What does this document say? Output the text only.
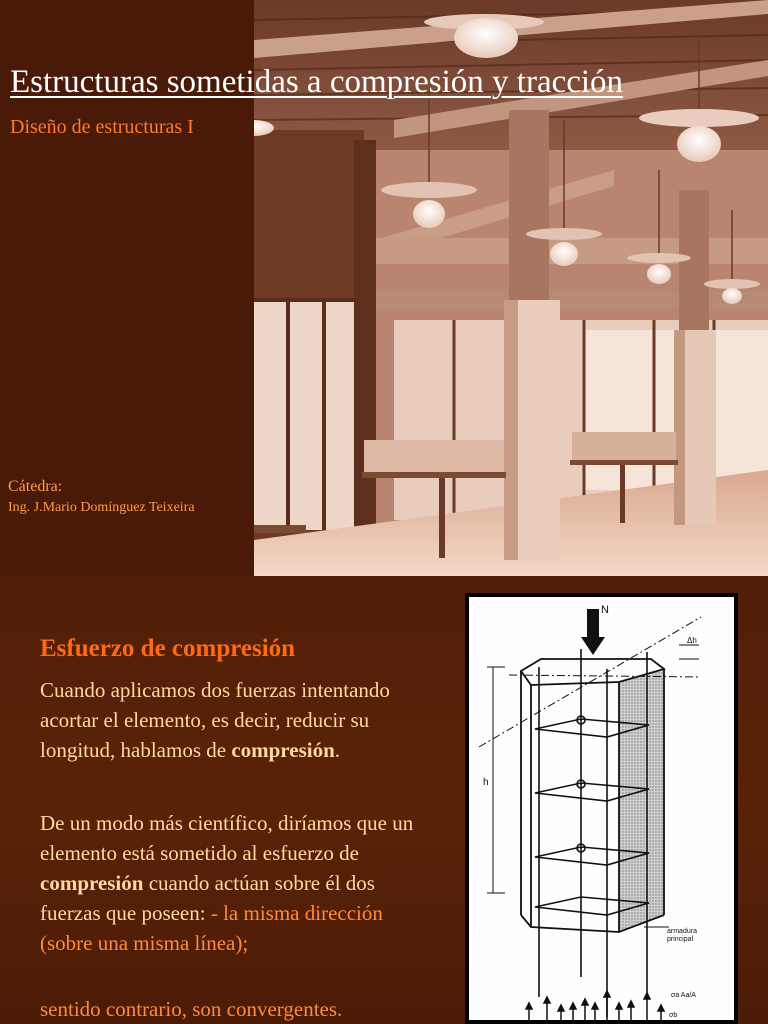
Estructuras sometidas a compresión y tracción
Diseño de estructuras I
Cátedra:
Ing. J.Mario Domínguez Teixeira
Esfuerzo de compresión

Cuando aplicamos dos fuerzas intentando acortar el elemento, es decir, reducir su longitud, hablamos de compresión.

De un modo más científico, diríamos que un elemento está sometido al esfuerzo de compresión cuando actúan sobre él dos fuerzas que poseen: - la misma dirección (sobre una misma línea);

sentido contrario, son convergentes.

N
Δh
h
armadura
principal
σa Aa/A
σb
